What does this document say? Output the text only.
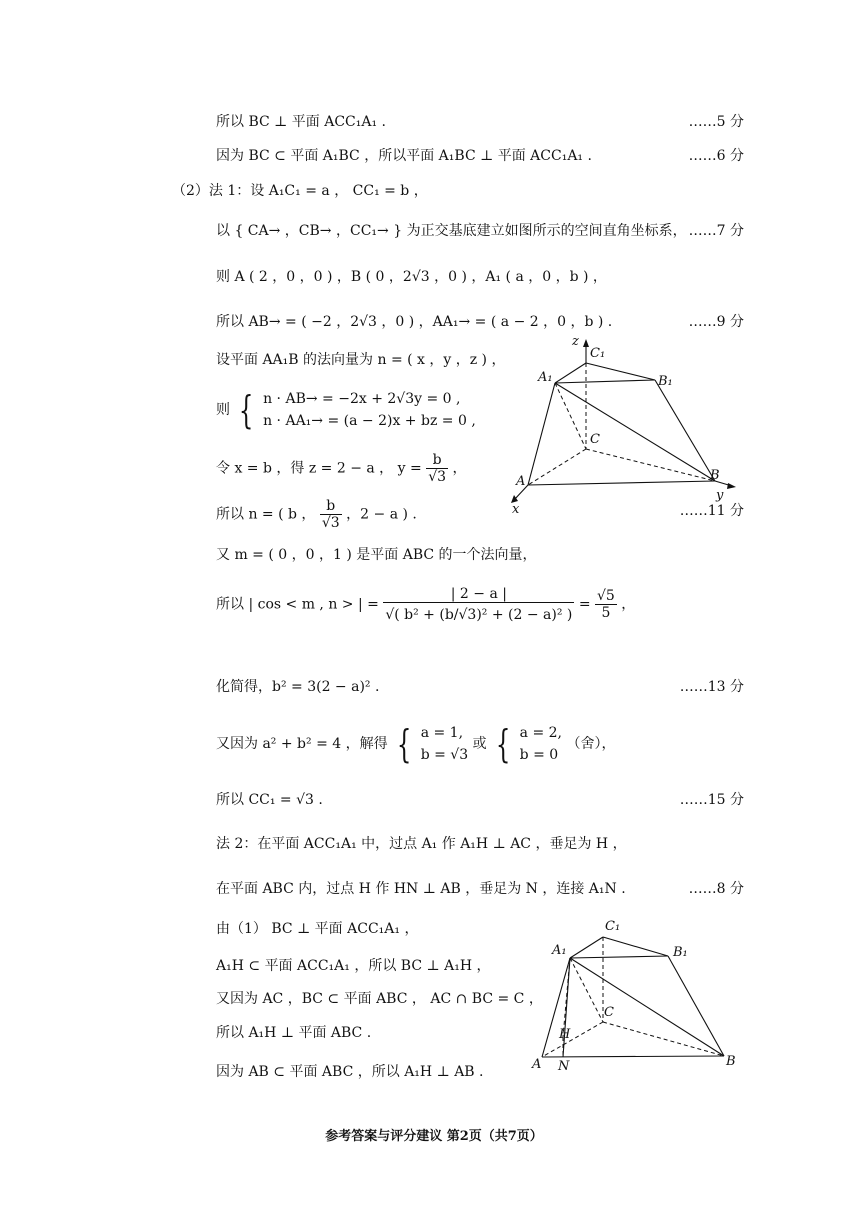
所以 BC ⊥ 平面 ACC₁A₁ .	……5 分
因为 BC ⊂ 平面 A₁BC ，所以平面 A₁BC ⊥ 平面 ACC₁A₁ .	……6 分
（2）法 1：设 A₁C₁ = a ， CC₁ = b ，
以 { CA→ ，CB→ ，CC₁→ } 为正交基底建立如图所示的空间直角坐标系， ……7 分
则 A ( 2 ，0 ，0 ) ，B ( 0 ，2√3 ，0 ) ，A₁ ( a ，0 ，b ) ，
所以 AB→ = ( −2 ，2√3 ，0 ) ，AA₁→ = ( a − 2 ，0 ，b ) .	……9 分
设平面 AA₁B 的法向量为 n = ( x ，y ，z ) ，
则 { n · AB→ = −2x + 2√3y = 0 ,
n · AA₁→ = (a − 2)x + bz = 0 ,
令 x = b ，得 z = 2 − a ， $y = \frac{b}{√3}$ ，
所以 n = ( b ， $\frac{b}{√3}$ ，2 − a ) .	……11 分
又 m = ( 0 ，0 ，1 ) 是平面 ABC 的一个法向量，
所以 | cos < m , n > | = $\frac{| 2 - a |}{\text{√( b² + (b/√3)² + (2 − a)² )}} = \frac{√5}{5}$ ，
化简得，b² = 3(2 − a)² .	……13 分
又因为 a² + b² = 4 ，解得 { a = 1,
b = √3
或 { a = 2,
b = 0
（舍），
所以 CC₁ = √3 .	……15 分
法 2：在平面 ACC₁A₁ 中，过点 A₁ 作 A₁H ⊥ AC ，垂足为 H ，
在平面 ABC 内，过点 H 作 HN ⊥ AB ，垂足为 N ，连接 A₁N .	……8 分
由（1） BC ⊥ 平面 ACC₁A₁ ，
A₁H ⊂ 平面 ACC₁A₁ ，所以 BC ⊥ A₁H ，
又因为 AC ，BC ⊂ 平面 ABC ， AC ∩ BC = C ，
所以 A₁H ⊥ 平面 ABC .
因为 AB ⊂ 平面 ABC ，所以 A₁H ⊥ AB .
z
C₁
A₁	B₁
C
A	B
x
y
C₁
A₁	B₁
C
H
A N	B
参考答案与评分建议 第2页（共7页）
